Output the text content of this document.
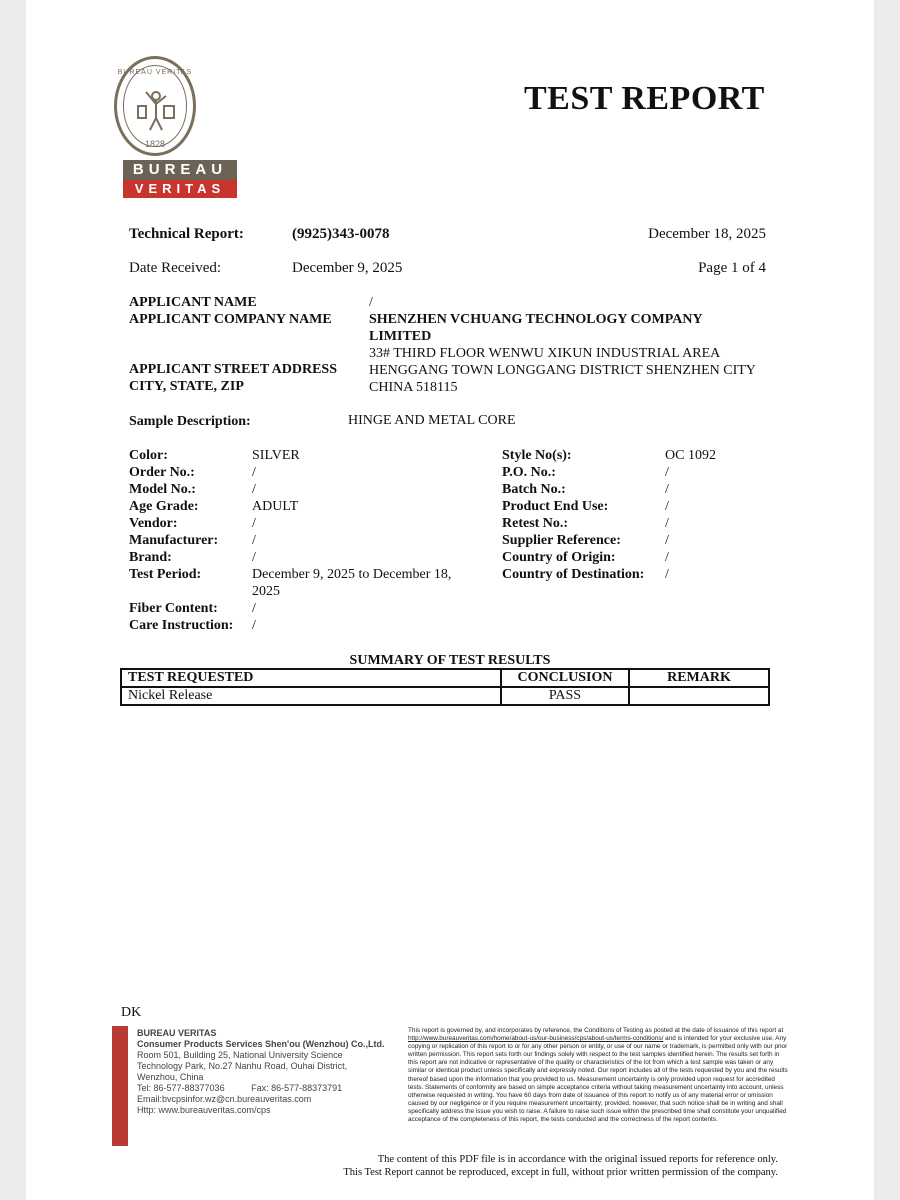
BUREAU VERITAS
1828
BUREAU
VERITAS
TEST REPORT
Technical Report:	(9925)343-0078	December 18, 2025
Date Received:	December 9, 2025	Page 1 of 4
APPLICANT NAME	/
APPLICANT COMPANY NAME	SHENZHEN VCHUANG TECHNOLOGY COMPANY
LIMITED
33# THIRD FLOOR WENWU XIKUN INDUSTRIAL AREA
APPLICANT STREET ADDRESS HENGGANG TOWN LONGGANG DISTRICT SHENZHEN CITY
CITY, STATE, ZIP	CHINA 518115
Sample Description:	HINGE AND METAL CORE
Color:	SILVER
Order No.:	/
Model No.:	/
Age Grade:	ADULT
Vendor:	/
Manufacturer: /
Brand:	/
Test Period:	December 9, 2025 to December 18,
2025
Fiber Content: /
Care Instruction: /
Style No(s):	OC 1092
P.O. No.:	/
Batch No.:	/
Product End Use:	/
Retest No.:	/
Supplier Reference:	/
Country of Origin:	/
Country of Destination: /
SUMMARY OF TEST RESULTS
TEST REQUESTED	CONCLUSION	REMARK
Nickel Release	PASS	
DK
BUREAU VERITAS
Consumer Products Services Shen'ou (Wenzhou) Co.,Ltd.
Room 501, Building 25, National University Science
Technology Park, No.27 Nanhu Road, Ouhai District,
Wenzhou, China
Tel: 86-577-88377036	Fax: 86-577-88373791
Email:bvcpsinfor.wz@cn.bureauveritas.com
Http: www.bureauveritas.com/cps
This report is governed by, and incorporates by reference, the Conditions of Testing as posted at the date of issuance of this report at http://www.bureauveritas.com/home/about-us/our-business/cps/about-us/terms-conditions/ and is intended for your exclusive use. Any copying or replication of this report to or for any other person or entity, or use of our name or trademark, is permitted only with our prior written permission. This report sets forth our findings solely with respect to the test samples identified herein. The results set forth in this report are not indicative or representative of the quality or characteristics of the lot from which a test sample was taken or any similar or identical product unless specifically and expressly noted. Our report includes all of the tests requested by you and the results thereof based upon the information that you provided to us. Measurement uncertainty is only provided upon request for accredited tests. Statements of conformity are based on simple acceptance criteria without taking measurement uncertainty into account, unless otherwise requested in writing. You have 60 days from date of issuance of this report to notify us of any material error or omission caused by our negligence or if you require measurement uncertainty; provided, however, that such notice shall be in writing and shall specifically address the issue you wish to raise. A failure to raise such issue within the prescribed time shall constitute your unqualified acceptance of the completeness of this report, the tests conducted and the correctness of the report contents.
The content of this PDF file is in accordance with the original issued reports for reference only.
This Test Report cannot be reproduced, except in full, without prior written permission of the company.
